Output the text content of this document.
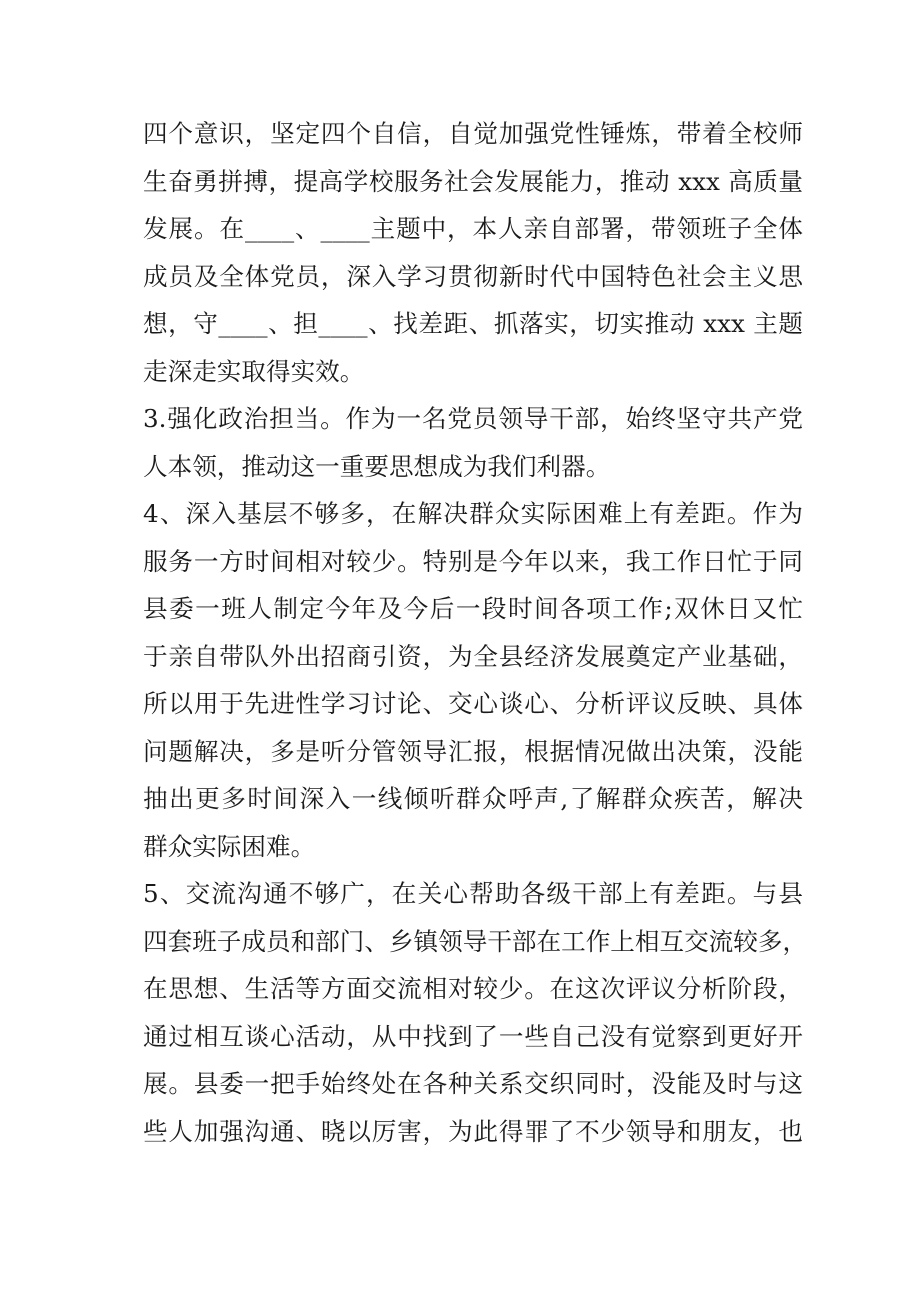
四个意识，坚定四个自信，自觉加强党性锤炼，带着全校师
生奋勇拼搏，提高学校服务社会发展能力，推动 xxx 高质量
发展。在____、____主题中，本人亲自部署，带领班子全体
成员及全体党员，深入学习贯彻新时代中国特色社会主义思
想，守____、担____、找差距、抓落实，切实推动 xxx 主题
走深走实取得实效。
3.强化政治担当。作为一名党员领导干部，始终坚守共产党
人本领，推动这一重要思想成为我们利器。
4、深入基层不够多，在解决群众实际困难上有差距。作为
服务一方时间相对较少。特别是今年以来，我工作日忙于同
县委一班人制定今年及今后一段时间各项工作;双休日又忙
于亲自带队外出招商引资，为全县经济发展奠定产业基础，
所以用于先进性学习讨论、交心谈心、分析评议反映、具体
问题解决，多是听分管领导汇报，根据情况做出决策，没能
抽出更多时间深入一线倾听群众呼声,了解群众疾苦，解决
群众实际困难。
5、交流沟通不够广，在关心帮助各级干部上有差距。与县
四套班子成员和部门、乡镇领导干部在工作上相互交流较多，
在思想、生活等方面交流相对较少。在这次评议分析阶段，
通过相互谈心活动，从中找到了一些自己没有觉察到更好开
展。县委一把手始终处在各种关系交织同时，没能及时与这
些人加强沟通、晓以厉害，为此得罪了不少领导和朋友，也
